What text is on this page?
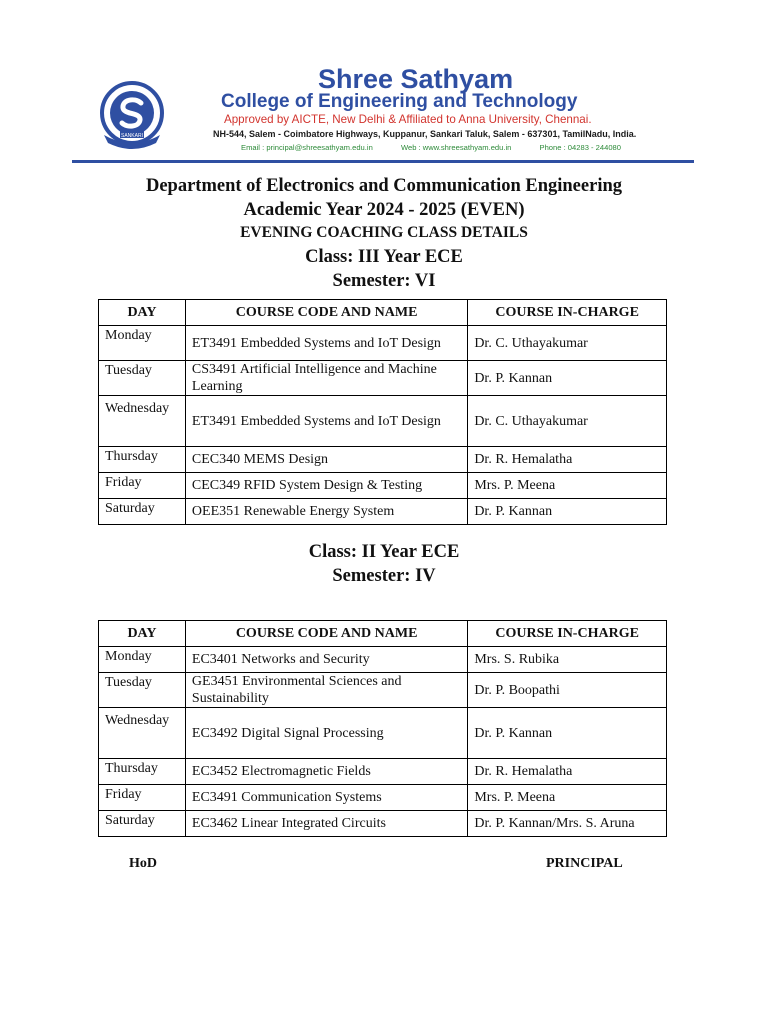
SANKARI
Shree Sathyam
College of Engineering and Technology
Approved by AICTE, New Delhi & Affiliated to Anna University, Chennai.
NH-544, Salem - Coimbatore Highways, Kuppanur, Sankari Taluk, Salem - 637301, TamilNadu, India.
Email : principal@shreesathyam.edu.in	Web : www.shreesathyam.edu.in	Phone : 04283 - 244080
Department of Electronics and Communication Engineering
Academic Year 2024 - 2025 (EVEN)
EVENING COACHING CLASS DETAILS
Class: III Year ECE
Semester: VI
DAY	COURSE CODE AND NAME	COURSE IN-CHARGE
Monday	ET3491 Embedded Systems and IoT Design	Dr. C. Uthayakumar
Tuesday	CS3491 Artificial Intelligence and Machine Learning	Dr. P. Kannan
Wednesday	ET3491 Embedded Systems and IoT Design	Dr. C. Uthayakumar
Thursday	CEC340 MEMS Design	Dr. R. Hemalatha
Friday	CEC349 RFID System Design & Testing	Mrs. P. Meena
Saturday	OEE351 Renewable Energy System	Dr. P. Kannan
Class: II Year ECE
Semester: IV
DAY	COURSE CODE AND NAME	COURSE IN-CHARGE
Monday	EC3401 Networks and Security	Mrs. S. Rubika
Tuesday	GE3451 Environmental Sciences and Sustainability	Dr. P. Boopathi
Wednesday	EC3492 Digital Signal Processing	Dr. P. Kannan
Thursday	EC3452 Electromagnetic Fields	Dr. R. Hemalatha
Friday	EC3491 Communication Systems	Mrs. P. Meena
Saturday	EC3462 Linear Integrated Circuits	Dr. P. Kannan/Mrs. S. Aruna
HoD	PRINCIPAL
